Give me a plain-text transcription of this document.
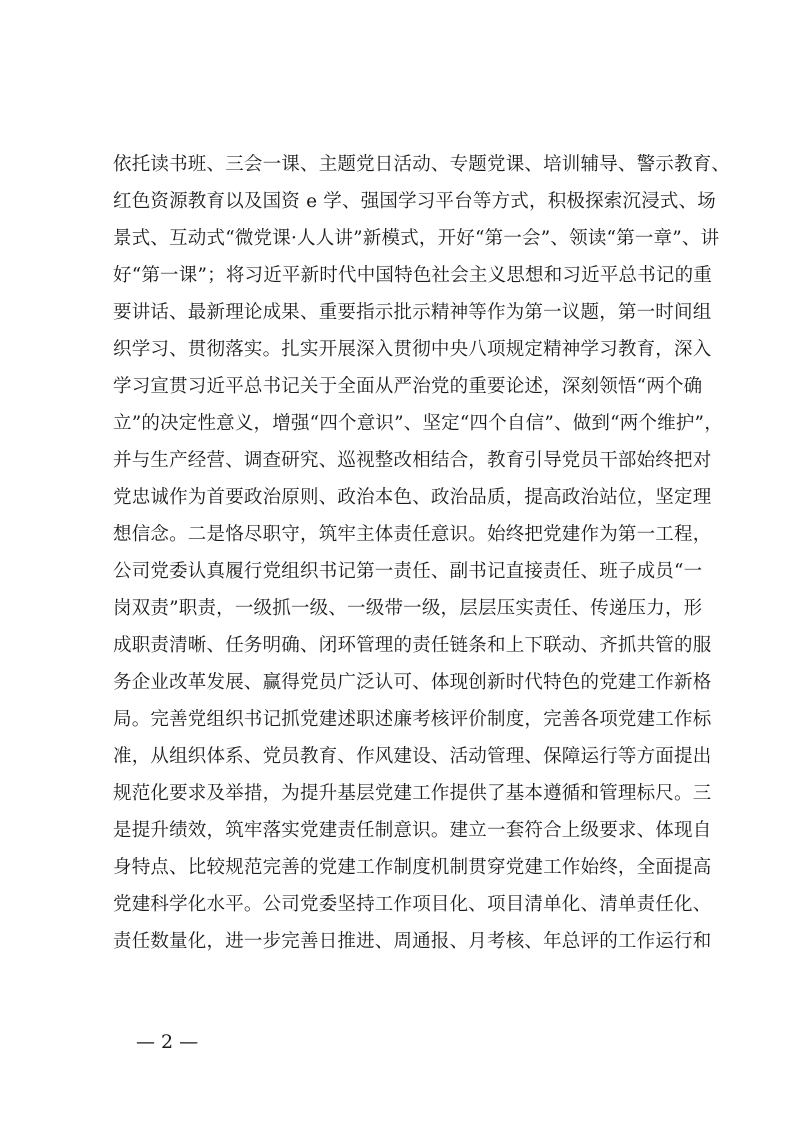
依托读书班、三会一课、主题党日活动、专题党课、培训辅导、警示教育、
红色资源教育以及国资 e 学、强国学习平台等方式，积极探索沉浸式、场
景式、互动式“微党课·人人讲”新模式，开好“第一会”、领读“第一章”、讲
好“第一课”；将习近平新时代中国特色社会主义思想和习近平总书记的重
要讲话、最新理论成果、重要指示批示精神等作为第一议题，第一时间组
织学习、贯彻落实。扎实开展深入贯彻中央八项规定精神学习教育，深入
学习宣贯习近平总书记关于全面从严治党的重要论述，深刻领悟“两个确
立”的决定性意义，增强“四个意识”、坚定“四个自信”、做到“两个维护”，
并与生产经营、调查研究、巡视整改相结合，教育引导党员干部始终把对
党忠诚作为首要政治原则、政治本色、政治品质，提高政治站位，坚定理
想信念。二是恪尽职守，筑牢主体责任意识。始终把党建作为第一工程，
公司党委认真履行党组织书记第一责任、副书记直接责任、班子成员“一
岗双责”职责，一级抓一级、一级带一级，层层压实责任、传递压力，形
成职责清晰、任务明确、闭环管理的责任链条和上下联动、齐抓共管的服
务企业改革发展、赢得党员广泛认可、体现创新时代特色的党建工作新格
局。完善党组织书记抓党建述职述廉考核评价制度，完善各项党建工作标
准，从组织体系、党员教育、作风建设、活动管理、保障运行等方面提出
规范化要求及举措，为提升基层党建工作提供了基本遵循和管理标尺。三
是提升绩效，筑牢落实党建责任制意识。建立一套符合上级要求、体现自
身特点、比较规范完善的党建工作制度机制贯穿党建工作始终，全面提高
党建科学化水平。公司党委坚持工作项目化、项目清单化、清单责任化、
责任数量化，进一步完善日推进、周通报、月考核、年总评的工作运行和
— 2 —
